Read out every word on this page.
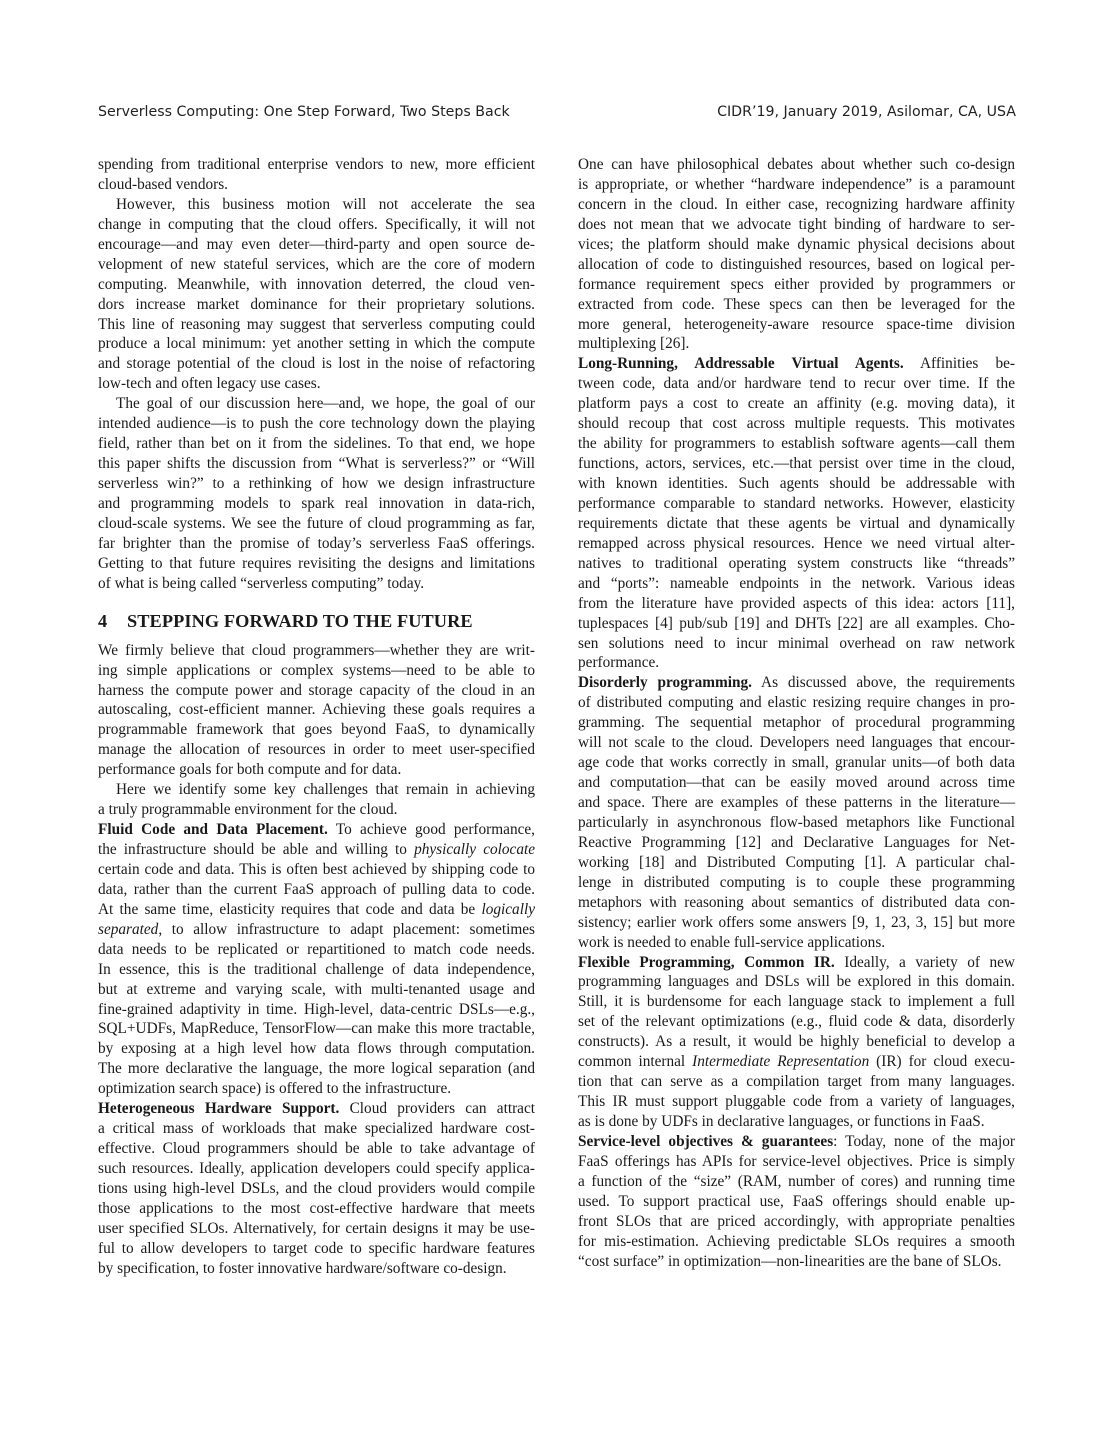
Serverless Computing: One Step Forward, Two Steps Back	CIDR’19, January 2019, Asilomar, CA, USA
spending from traditional enterprise vendors to new, more efficient
cloud-based vendors.
However, this business motion will not accelerate the sea
change in computing that the cloud offers. Specifically, it will not
encourage—and may even deter—third-party and open source de-
velopment of new stateful services, which are the core of modern
computing. Meanwhile, with innovation deterred, the cloud ven-
dors increase market dominance for their proprietary solutions.
This line of reasoning may suggest that serverless computing could
produce a local minimum: yet another setting in which the compute
and storage potential of the cloud is lost in the noise of refactoring
low-tech and often legacy use cases.
The goal of our discussion here—and, we hope, the goal of our
intended audience—is to push the core technology down the playing
field, rather than bet on it from the sidelines. To that end, we hope
this paper shifts the discussion from “What is serverless?” or “Will
serverless win?” to a rethinking of how we design infrastructure
and programming models to spark real innovation in data-rich,
cloud-scale systems. We see the future of cloud programming as far,
far brighter than the promise of today’s serverless FaaS offerings.
Getting to that future requires revisiting the designs and limitations
of what is being called “serverless computing” today.
4 STEPPING FORWARD TO THE FUTURE
We firmly believe that cloud programmers—whether they are writ-
ing simple applications or complex systems—need to be able to
harness the compute power and storage capacity of the cloud in an
autoscaling, cost-efficient manner. Achieving these goals requires a
programmable framework that goes beyond FaaS, to dynamically
manage the allocation of resources in order to meet user-specified
performance goals for both compute and for data.
Here we identify some key challenges that remain in achieving
a truly programmable environment for the cloud.
Fluid Code and Data Placement. To achieve good performance,
the infrastructure should be able and willing to physically colocate
certain code and data. This is often best achieved by shipping code to
data, rather than the current FaaS approach of pulling data to code.
At the same time, elasticity requires that code and data be logically
separated, to allow infrastructure to adapt placement: sometimes
data needs to be replicated or repartitioned to match code needs.
In essence, this is the traditional challenge of data independence,
but at extreme and varying scale, with multi-tenanted usage and
fine-grained adaptivity in time. High-level, data-centric DSLs—e.g.,
SQL+UDFs, MapReduce, TensorFlow—can make this more tractable,
by exposing at a high level how data flows through computation.
The more declarative the language, the more logical separation (and
optimization search space) is offered to the infrastructure.
Heterogeneous Hardware Support. Cloud providers can attract
a critical mass of workloads that make specialized hardware cost-
effective. Cloud programmers should be able to take advantage of
such resources. Ideally, application developers could specify applica-
tions using high-level DSLs, and the cloud providers would compile
those applications to the most cost-effective hardware that meets
user specified SLOs. Alternatively, for certain designs it may be use-
ful to allow developers to target code to specific hardware features
by specification, to foster innovative hardware/software co-design.
One can have philosophical debates about whether such co-design
is appropriate, or whether “hardware independence” is a paramount
concern in the cloud. In either case, recognizing hardware affinity
does not mean that we advocate tight binding of hardware to ser-
vices; the platform should make dynamic physical decisions about
allocation of code to distinguished resources, based on logical per-
formance requirement specs either provided by programmers or
extracted from code. These specs can then be leveraged for the
more general, heterogeneity-aware resource space-time division
multiplexing [26].
Long-Running, Addressable Virtual Agents. Affinities be-
tween code, data and/or hardware tend to recur over time. If the
platform pays a cost to create an affinity (e.g. moving data), it
should recoup that cost across multiple requests. This motivates
the ability for programmers to establish software agents—call them
functions, actors, services, etc.—that persist over time in the cloud,
with known identities. Such agents should be addressable with
performance comparable to standard networks. However, elasticity
requirements dictate that these agents be virtual and dynamically
remapped across physical resources. Hence we need virtual alter-
natives to traditional operating system constructs like “threads”
and “ports”: nameable endpoints in the network. Various ideas
from the literature have provided aspects of this idea: actors [11],
tuplespaces [4] pub/sub [19] and DHTs [22] are all examples. Cho-
sen solutions need to incur minimal overhead on raw network
performance.
Disorderly programming. As discussed above, the requirements
of distributed computing and elastic resizing require changes in pro-
gramming. The sequential metaphor of procedural programming
will not scale to the cloud. Developers need languages that encour-
age code that works correctly in small, granular units—of both data
and computation—that can be easily moved around across time
and space. There are examples of these patterns in the literature—
particularly in asynchronous flow-based metaphors like Functional
Reactive Programming [12] and Declarative Languages for Net-
working [18] and Distributed Computing [1]. A particular chal-
lenge in distributed computing is to couple these programming
metaphors with reasoning about semantics of distributed data con-
sistency; earlier work offers some answers [9, 1, 23, 3, 15] but more
work is needed to enable full-service applications.
Flexible Programming, Common IR. Ideally, a variety of new
programming languages and DSLs will be explored in this domain.
Still, it is burdensome for each language stack to implement a full
set of the relevant optimizations (e.g., fluid code & data, disorderly
constructs). As a result, it would be highly beneficial to develop a
common internal Intermediate Representation (IR) for cloud execu-
tion that can serve as a compilation target from many languages.
This IR must support pluggable code from a variety of languages,
as is done by UDFs in declarative languages, or functions in FaaS.
Service-level objectives & guarantees: Today, none of the major
FaaS offerings has APIs for service-level objectives. Price is simply
a function of the “size” (RAM, number of cores) and running time
used. To support practical use, FaaS offerings should enable up-
front SLOs that are priced accordingly, with appropriate penalties
for mis-estimation. Achieving predictable SLOs requires a smooth
“cost surface” in optimization—non-linearities are the bane of SLOs.
